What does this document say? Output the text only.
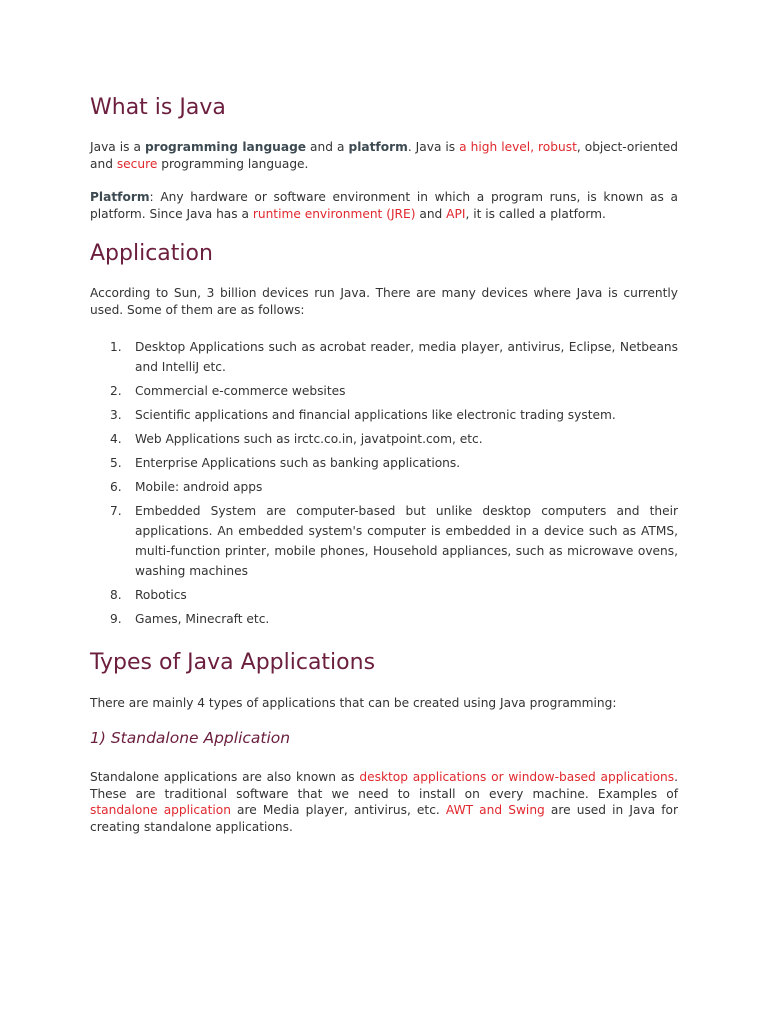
What is Java

Java is a programming language and a platform. Java is a high level, robust, object-oriented and secure programming language.

Platform: Any hardware or software environment in which a program runs, is known as a platform. Since Java has a runtime environment (JRE) and API, it is called a platform.

Application

According to Sun, 3 billion devices run Java. There are many devices where Java is currently used. Some of them are as follows:

1. Desktop Applications such as acrobat reader, media player, antivirus, Eclipse, Netbeans and IntelliJ etc.
2. Commercial e-commerce websites
3. Scientific applications and financial applications like electronic trading system.
4. Web Applications such as irctc.co.in, javatpoint.com, etc.
5. Enterprise Applications such as banking applications.
6. Mobile: android apps
7. Embedded System are computer-based but unlike desktop computers and their applications. An embedded system's computer is embedded in a device such as ATMS, multi-function printer, mobile phones, Household appliances, such as microwave ovens, washing machines
8. Robotics
9. Games, Minecraft etc.
Types of Java Applications

There are mainly 4 types of applications that can be created using Java programming:

1) Standalone Application

Standalone applications are also known as desktop applications or window-based applications. These are traditional software that we need to install on every machine. Examples of standalone application are Media player, antivirus, etc. AWT and Swing are used in Java for creating standalone applications.
